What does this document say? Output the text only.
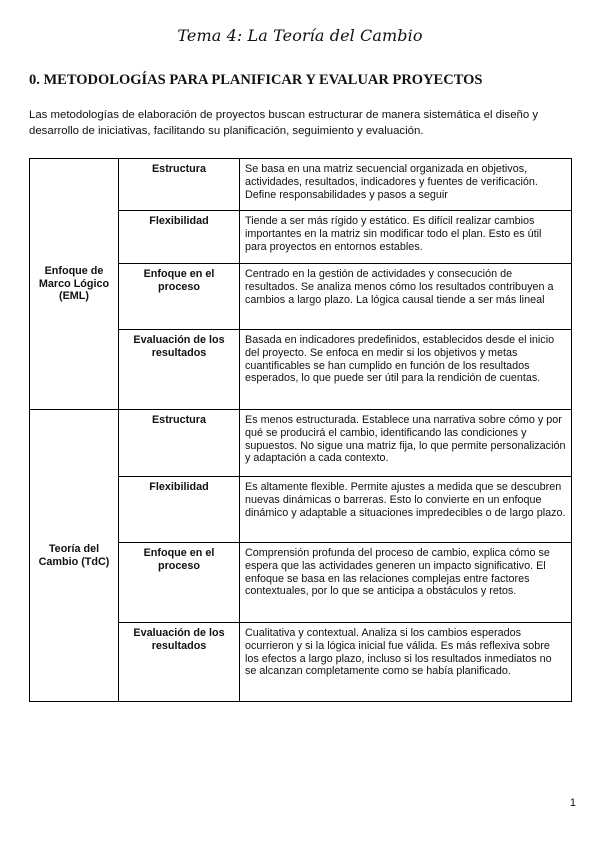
Tema 4: La Teoría del Cambio
0. METODOLOGÍAS PARA PLANIFICAR Y EVALUAR PROYECTOS
Las metodologías de elaboración de proyectos buscan estructurar de manera sistemática el diseño y desarrollo de iniciativas, facilitando su planificación, seguimiento y evaluación.
Enfoque de Marco Lógico (EML)	Estructura	Se basa en una matriz secuencial organizada en objetivos, actividades, resultados, indicadores y fuentes de verificación. Define responsabilidades y pasos a seguir
	Flexibilidad	Tiende a ser más rígido y estático. Es difícil realizar cambios importantes en la matriz sin modificar todo el plan. Esto es útil para proyectos en entornos estables.
	Enfoque en el proceso	Centrado en la gestión de actividades y consecución de resultados. Se analiza menos cómo los resultados contribuyen a cambios a largo plazo. La lógica causal tiende a ser más lineal
	Evaluación de los resultados	Basada en indicadores predefinidos, establecidos desde el inicio del proyecto. Se enfoca en medir si los objetivos y metas cuantificables se han cumplido en función de los resultados esperados, lo que puede ser útil para la rendición de cuentas.
Teoría del Cambio (TdC)	Estructura	Es menos estructurada. Establece una narrativa sobre cómo y por qué se producirá el cambio, identificando las condiciones y supuestos. No sigue una matriz fija, lo que permite personalización y adaptación a cada contexto.
	Flexibilidad	Es altamente flexible. Permite ajustes a medida que se descubren nuevas dinámicas o barreras. Esto lo convierte en un enfoque dinámico y adaptable a situaciones impredecibles o de largo plazo.
	Enfoque en el proceso	Comprensión profunda del proceso de cambio, explica cómo se espera que las actividades generen un impacto significativo. El enfoque se basa en las relaciones complejas entre factores contextuales, por lo que se anticipa a obstáculos y retos.
	Evaluación de los resultados	Cualitativa y contextual. Analiza si los cambios esperados ocurrieron y si la lógica inicial fue válida. Es más reflexiva sobre los efectos a largo plazo, incluso si los resultados inmediatos no se alcanzan completamente como se había planificado.
1
